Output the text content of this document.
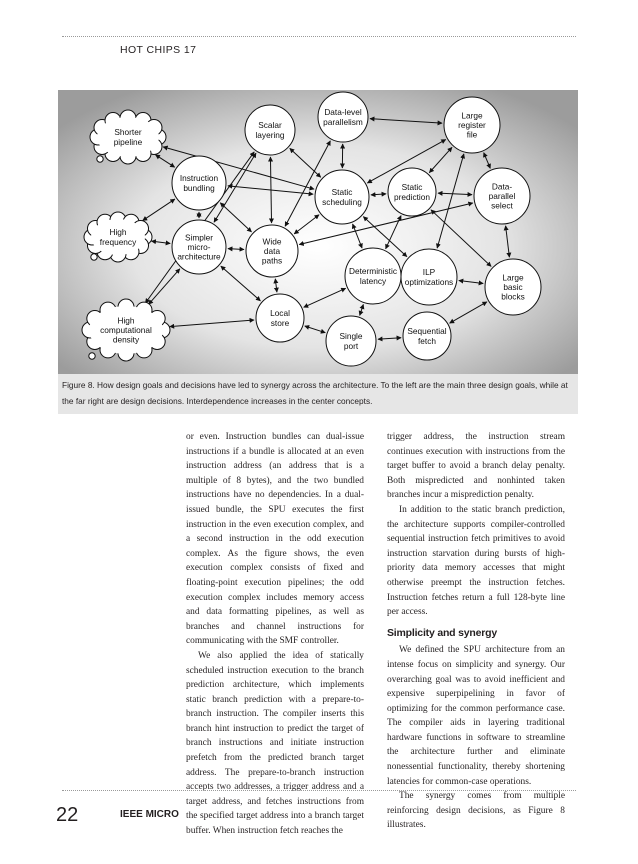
HOT CHIPS 17
Shorter
pipeline
High
frequency
High
computational
density
Instruction
bundling
Simpler
micro-
architecture
Scalar
layering
Wide
data
paths
Local
store
Data-level
parallelism
Static
scheduling
Deterministic
latency
Single
port
Static
prediction
ILP
optimizations
Sequential
fetch
Large
register
file
Data-
parallel
select
Large
basic
blocks

Figure 8. How design goals and decisions have led to synergy across the architecture. To the left are the main three design goals, while at the far right are design decisions. Interdependence increases in the center concepts.

or even. Instruction bundles can dual-issue instructions if a bundle is allocated at an even instruction address (an address that is a multiple of 8 bytes), and the two bundled instructions have no dependencies. In a dual-issued bundle, the SPU executes the first instruction in the even execution complex, and a second instruction in the odd execution complex. As the figure shows, the even execution complex consists of fixed and floating-point execution pipelines; the odd execution complex includes memory access and data formatting pipelines, as well as branches and channel instructions for communicating with the SMF controller.

We also applied the idea of statically scheduled instruction execution to the branch prediction architecture, which implements static branch prediction with a prepare-to-branch instruction. The compiler inserts this branch hint instruction to predict the target of branch instructions and initiate instruction prefetch from the predicted branch target address. The prepare-to-branch instruction accepts two addresses, a trigger address and a target address, and fetches instructions from the specified target address into a branch target buffer. When instruction fetch reaches the

trigger address, the instruction stream continues execution with instructions from the target buffer to avoid a branch delay penalty. Both mispredicted and nonhinted taken branches incur a misprediction penalty.

In addition to the static branch prediction, the architecture supports compiler-controlled sequential instruction fetch primitives to avoid instruction starvation during bursts of high-priority data memory accesses that might otherwise preempt the instruction fetches. Instruction fetches return a full 128-byte line per access.

Simplicity and synergy

We defined the SPU architecture from an intense focus on simplicity and synergy. Our overarching goal was to avoid inefficient and expensive superpipelining in favor of optimizing for the common performance case. The compiler aids in layering traditional hardware functions in software to streamline the architecture further and eliminate nonessential functionality, thereby shortening latencies for common-case operations.

The synergy comes from multiple reinforcing design decisions, as Figure 8 illustrates.

22	IEEE MICRO
